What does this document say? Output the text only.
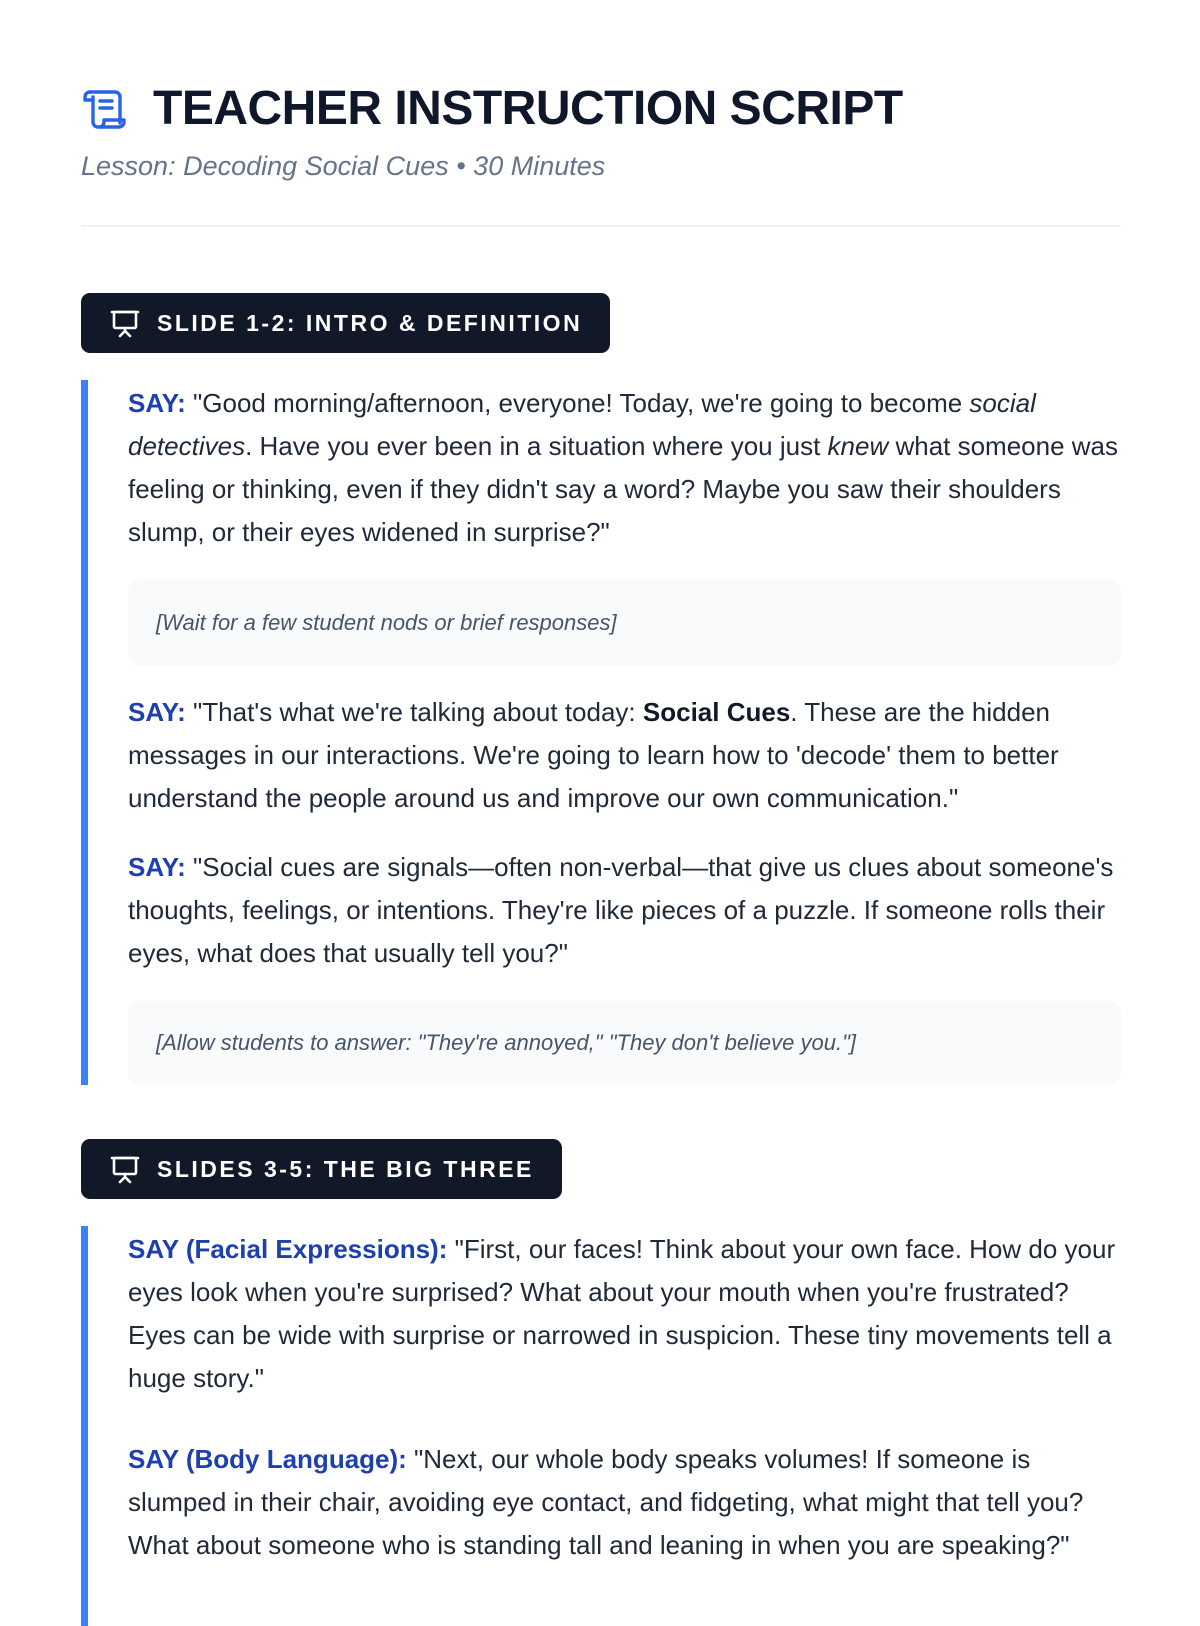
TEACHER INSTRUCTION SCRIPT
Lesson: Decoding Social Cues • 30 Minutes
SLIDE 1-2: INTRO & DEFINITION

SAY: "Good morning/afternoon, everyone! Today, we're going to become social detectives. Have you ever been in a situation where you just knew what someone was feeling or thinking, even if they didn't say a word? Maybe you saw their shoulders slump, or their eyes widened in surprise?"

[Wait for a few student nods or brief responses]

SAY: "That's what we're talking about today: Social Cues. These are the hidden messages in our interactions. We're going to learn how to 'decode' them to better understand the people around us and improve our own communication."

SAY: "Social cues are signals—often non-verbal—that give us clues about someone's thoughts, feelings, or intentions. They're like pieces of a puzzle. If someone rolls their eyes, what does that usually tell you?"

[Allow students to answer: "They're annoyed," "They don't believe you."]
SLIDES 3-5: THE BIG THREE

SAY (Facial Expressions): "First, our faces! Think about your own face. How do your eyes look when you're surprised? What about your mouth when you're frustrated? Eyes can be wide with surprise or narrowed in suspicion. These tiny movements tell a huge story."

SAY (Body Language): "Next, our whole body speaks volumes! If someone is slumped in their chair, avoiding eye contact, and fidgeting, what might that tell you? What about someone who is standing tall and leaning in when you are speaking?"
